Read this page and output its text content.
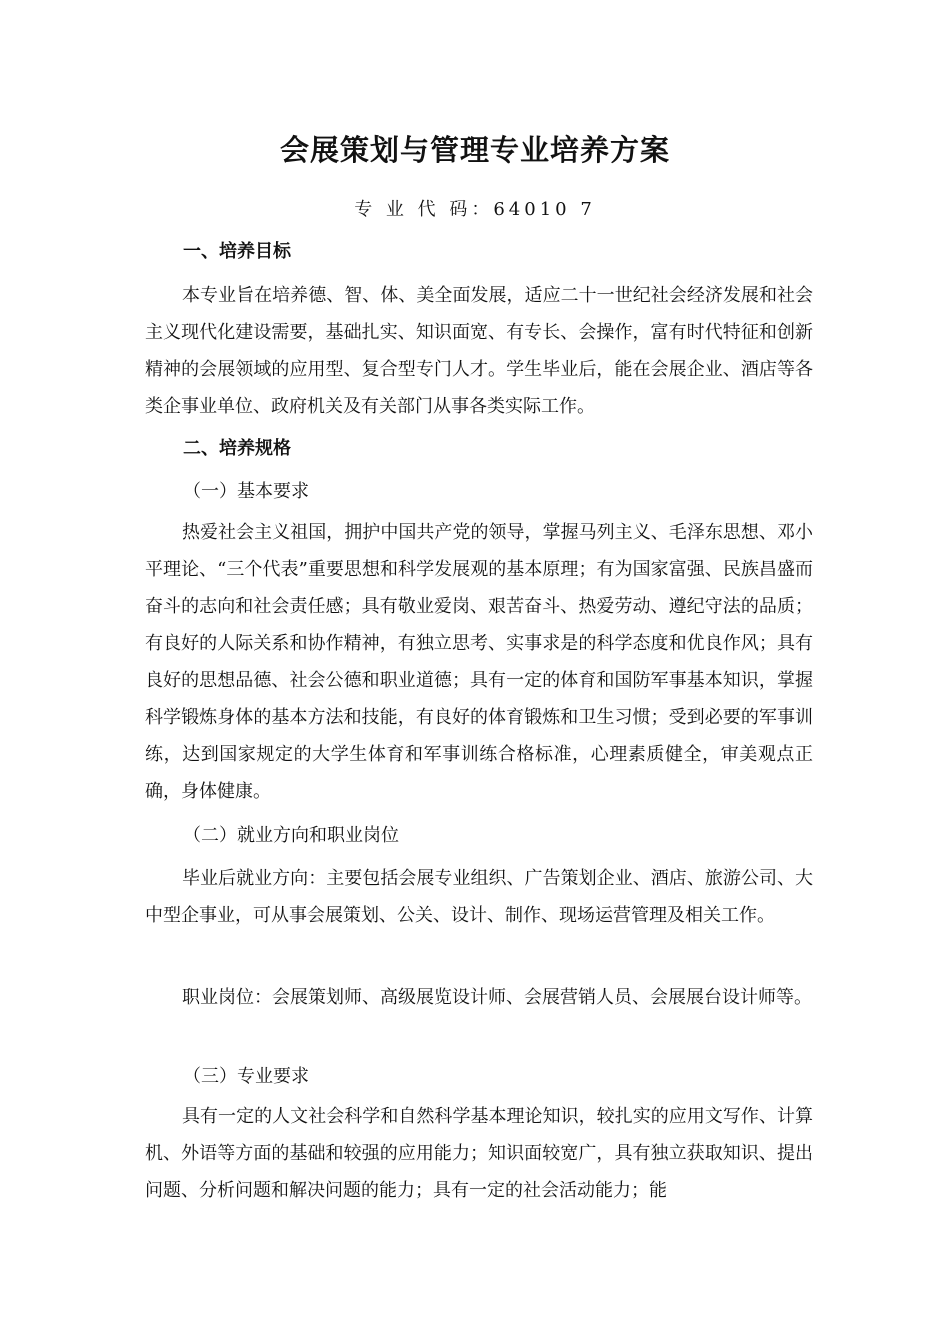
会展策划与管理专业培养方案
专 业 代 码：64010 7
一、培养目标

本专业旨在培养德、智、体、美全面发展，适应二十一世纪社会经济发展和社会主义现代化建设需要，基础扎实、知识面宽、有专长、会操作，富有时代特征和创新精神的会展领域的应用型、复合型专门人才。学生毕业后，能在会展企业、酒店等各类企事业单位、政府机关及有关部门从事各类实际工作。

二、培养规格
（一）基本要求

热爱社会主义祖国，拥护中国共产党的领导，掌握马列主义、毛泽东思想、邓小平理论、“三个代表”重要思想和科学发展观的基本原理；有为国家富强、民族昌盛而奋斗的志向和社会责任感；具有敬业爱岗、艰苦奋斗、热爱劳动、遵纪守法的品质；有良好的人际关系和协作精神，有独立思考、实事求是的科学态度和优良作风；具有良好的思想品德、社会公德和职业道德；具有一定的体育和国防军事基本知识，掌握科学锻炼身体的基本方法和技能，有良好的体育锻炼和卫生习惯；受到必要的军事训练，达到国家规定的大学生体育和军事训练合格标准，心理素质健全，审美观点正确，身体健康。

（二）就业方向和职业岗位

毕业后就业方向：主要包括会展专业组织、广告策划企业、酒店、旅游公司、大中型企事业，可从事会展策划、公关、设计、制作、现场运营管理及相关工作。

职业岗位：会展策划师、高级展览设计师、会展营销人员、会展展台设计师等。

（三）专业要求

具有一定的人文社会科学和自然科学基本理论知识，较扎实的应用文写作、计算机、外语等方面的基础和较强的应用能力；知识面较宽广，具有独立获取知识、提出问题、分析问题和解决问题的能力；具有一定的社会活动能力；能
